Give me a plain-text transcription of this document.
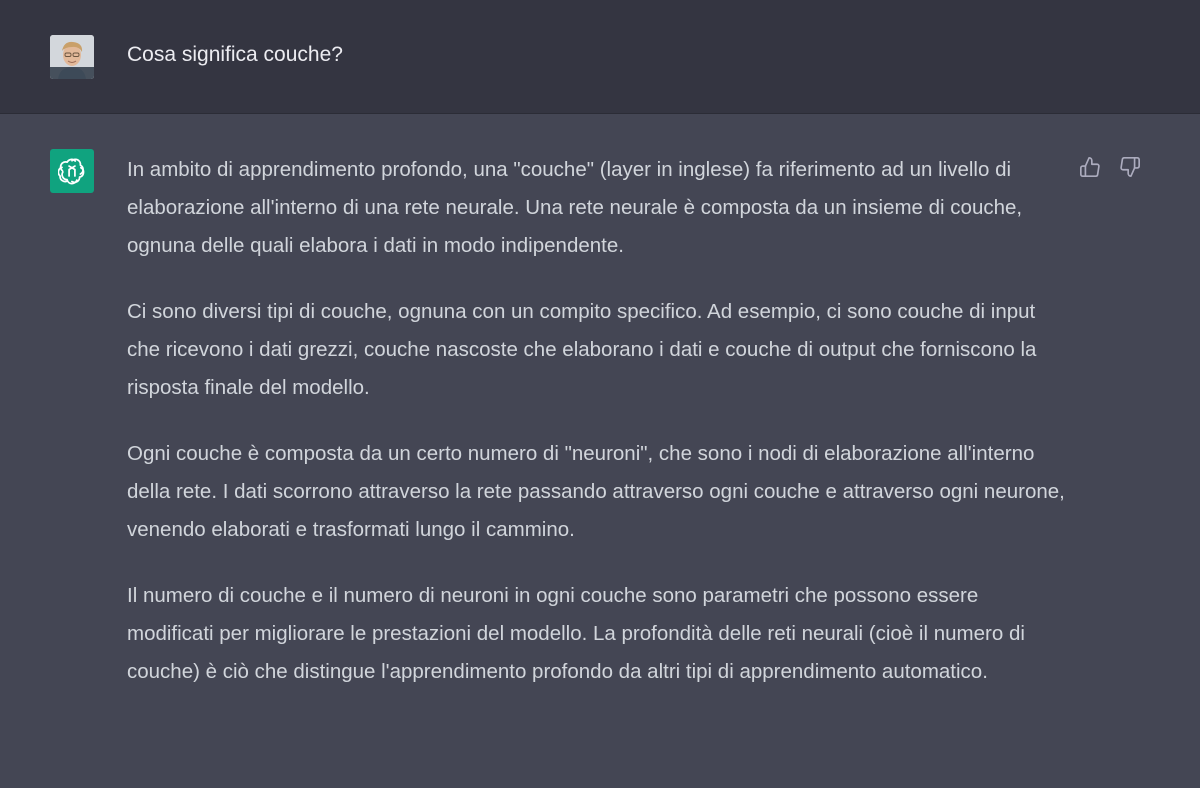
Cosa significa couche?

In ambito di apprendimento profondo, una "couche" (layer in inglese) fa riferimento ad un livello di elaborazione all'interno di una rete neurale. Una rete neurale è composta da un insieme di couche, ognuna delle quali elabora i dati in modo indipendente.

Ci sono diversi tipi di couche, ognuna con un compito specifico. Ad esempio, ci sono couche di input che ricevono i dati grezzi, couche nascoste che elaborano i dati e couche di output che forniscono la risposta finale del modello.

Ogni couche è composta da un certo numero di "neuroni", che sono i nodi di elaborazione all'interno della rete. I dati scorrono attraverso la rete passando attraverso ogni couche e attraverso ogni neurone, venendo elaborati e trasformati lungo il cammino.

Il numero di couche e il numero di neuroni in ogni couche sono parametri che possono essere modificati per migliorare le prestazioni del modello. La profondità delle reti neurali (cioè il numero di couche) è ciò che distingue l'apprendimento profondo da altri tipi di apprendimento automatico.
